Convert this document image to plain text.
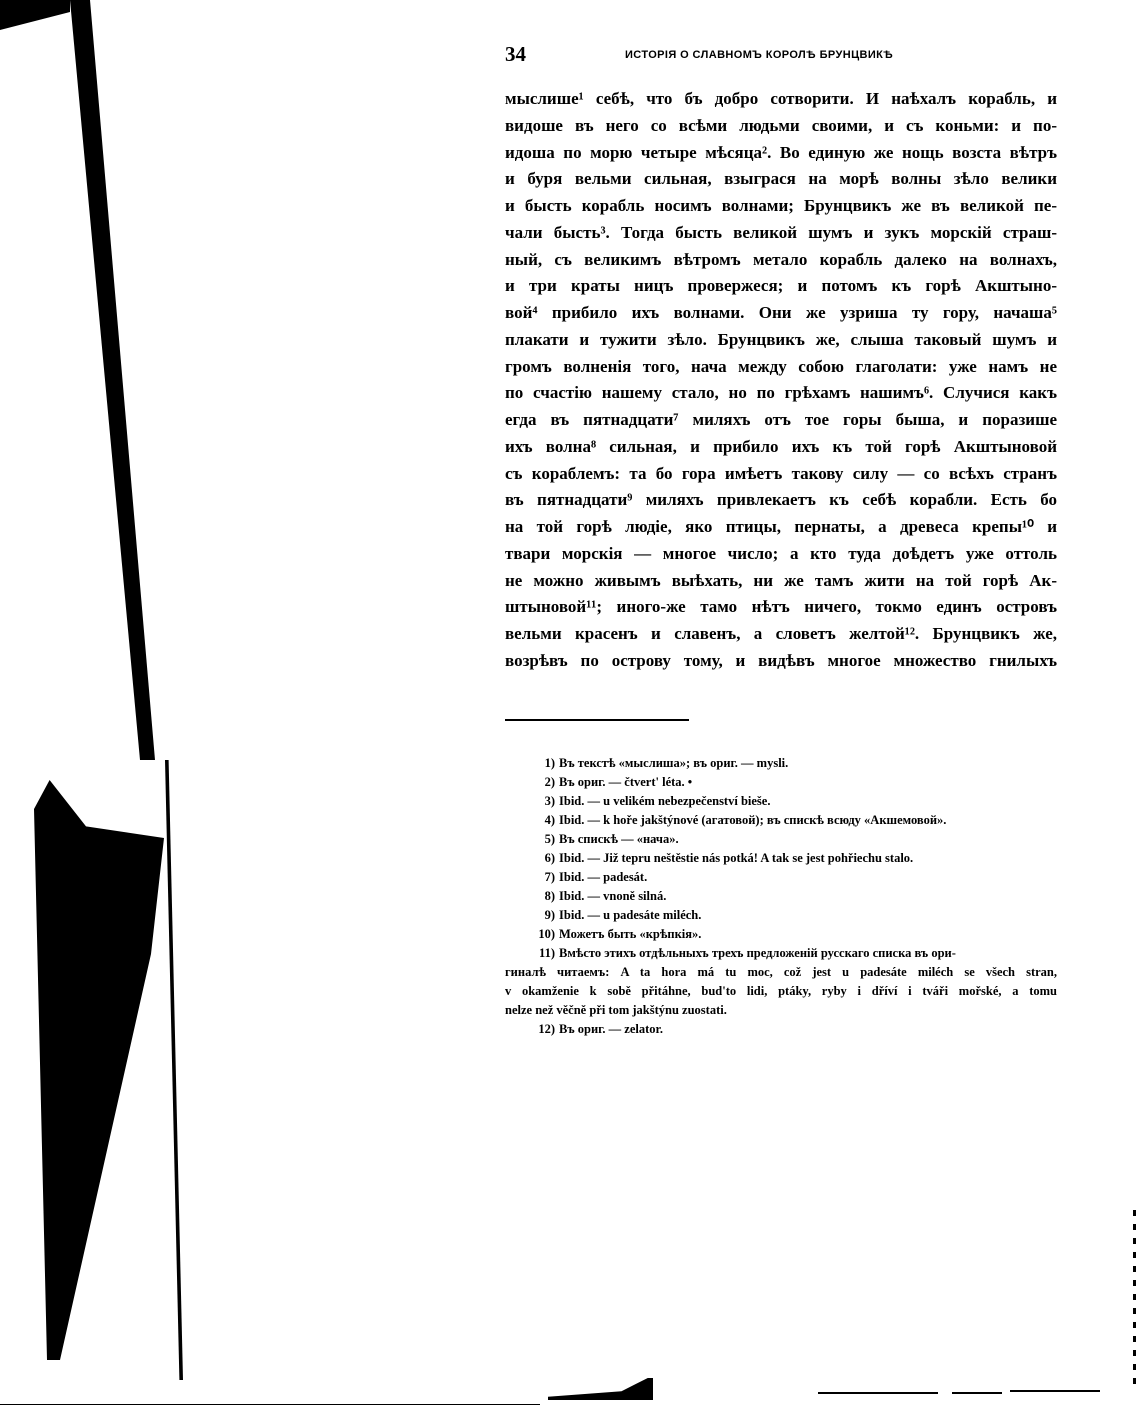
34	ИСТОРІЯ О СЛАВНОМЪ КОРОЛѢ БРУНЦВИКѢ
мыслише¹ себѣ, что бъ добро сотворити. И наѣхалъ корабль, и
видоше въ него со всѣми людьми своими, и съ коньми: и по-
идоша по морю четыре мѣсяца². Во единую же нощь возста вѣтръ
и буря вельми сильная, взыграся на морѣ волны зѣло велики
и бысть корабль носимъ волнами; Брунцвикъ же въ великой пе-
чали бысть³. Тогда бысть великой шумъ и зукъ морскій страш-
ный, съ великимъ вѣтромъ метало корабль далеко на волнахъ,
и три краты ницъ провержеся; и потомъ къ горѣ Акштыно-
вой⁴ прибило ихъ волнами. Они же узриша ту гору, начаша⁵
плакати и тужити зѣло. Брунцвикъ же, слыша таковый шумъ и
громъ волненія того, нача между собою глаголати: уже намъ не
по счастію нашему стало, но по грѣхамъ нашимъ⁶. Случися какъ
егда въ пятнадцати⁷ миляхъ отъ тое горы быша, и поразише
ихъ волна⁸ сильная, и прибило ихъ къ той горѣ Акштыновой
съ кораблемъ: та бо гора имѣетъ такову силу — со всѣхъ странъ
въ пятнадцати⁹ миляхъ привлекаетъ къ себѣ корабли. Есть бо
на той горѣ людіе, яко птицы, пернаты, а древеса крепы¹⁰ и
твари морскія — многое число; а кто туда доѣдетъ уже оттоль
не можно живымъ выѣхать, ни же тамъ жити на той горѣ Ак-
штыновой¹¹; иного-же тамо нѣтъ ничего, токмо единъ островъ
вельми красенъ и славенъ, а словетъ желтой¹². Брунцвикъ же,
возрѣвъ по острову тому, и видѣвъ многое множество гнилыхъ
1) Въ текстѣ «мыслиша»; въ ориг. — mysli.
2) Въ ориг. — čtvert' léta. •
3) Ibid. — u velikém nebezpečenství bieše.
4) Ibid. — k hoře jakštýnové (агатовой); въ спискѣ всюду «Акшемовой».
5) Въ спискѣ — «нача».
6) Ibid. — Již tepru neštěstie nás potká! A tak se jest pohřiechu stalo.
7) Ibid. — padesát.
8) Ibid. — vnoně silná.
9) Ibid. — u padesáte miléch.
10) Можетъ быть «крѣпкія».
11) Вмѣсто этихъ отдѣльныхъ трехъ предложеній русскаго списка въ ори-
гиналѣ читаемъ: A ta hora má tu moc, což jest u padesáte miléch se všech stran,
v okamženie k sobě přitáhne, bud'to lidi, ptáky, ryby i dříví i tváři mořské, a tomu
nelze než věčně při tom jakštýnu zuostati.
12) Въ ориг. — zelator.
